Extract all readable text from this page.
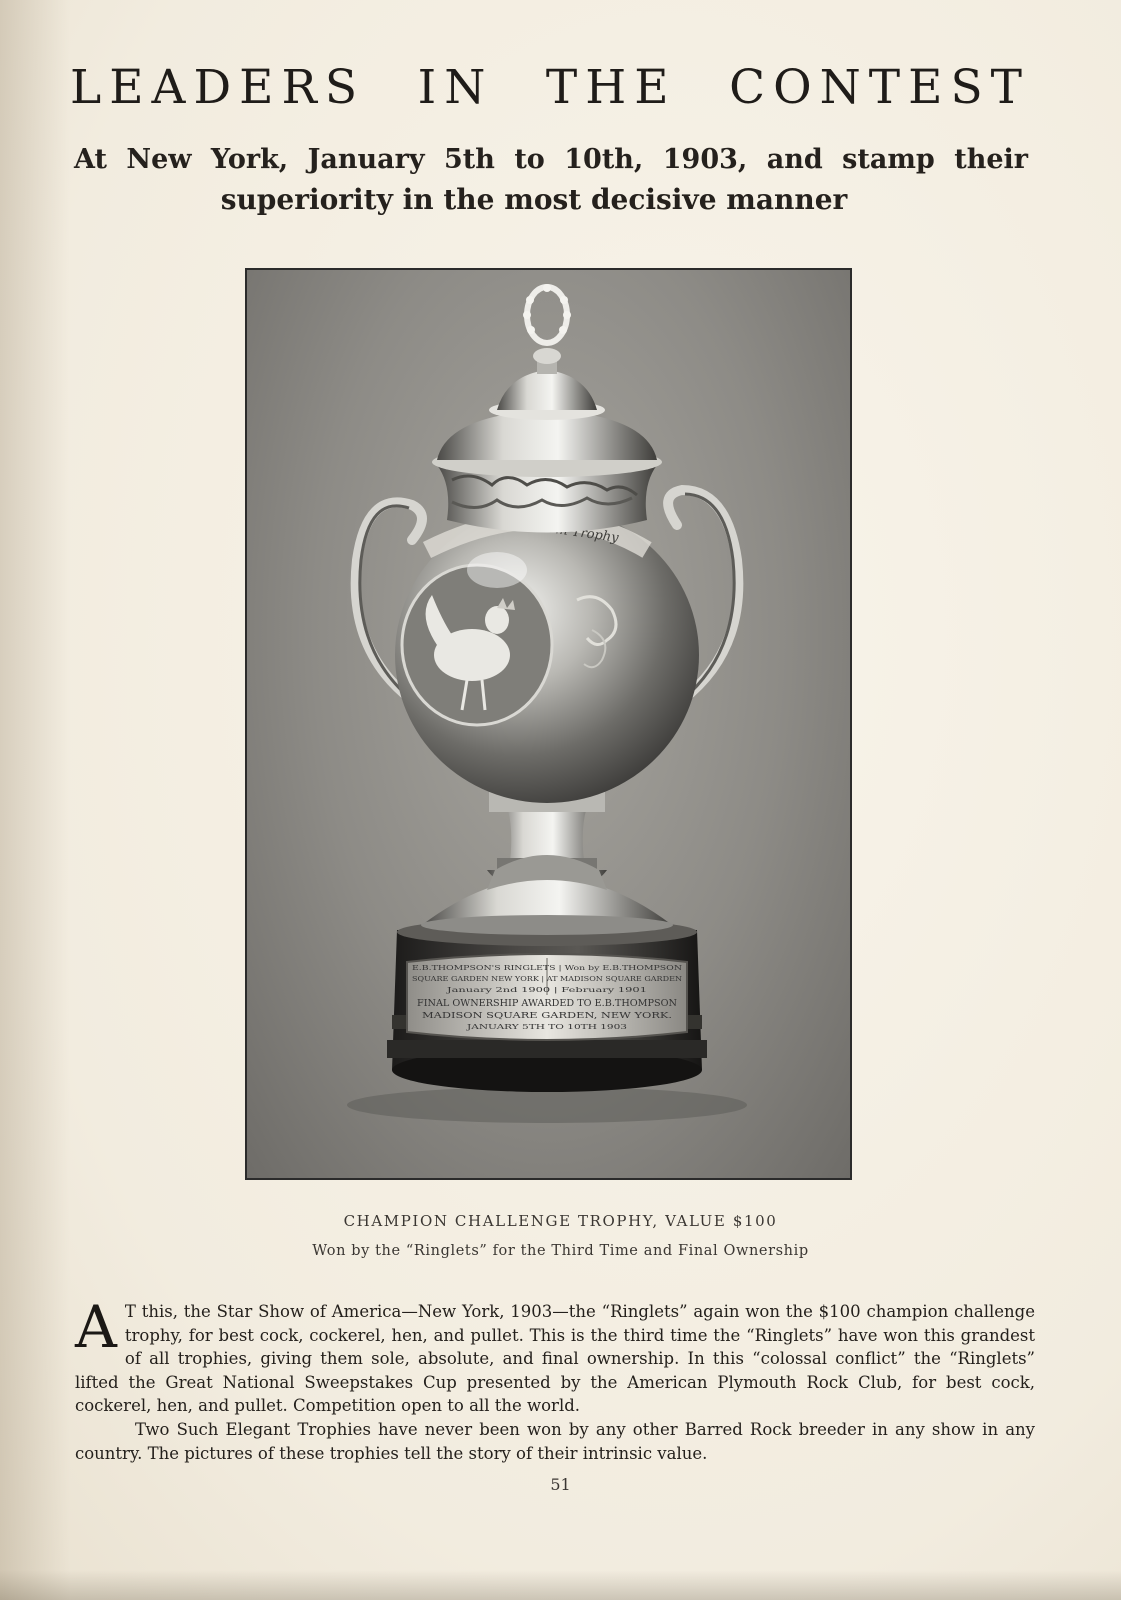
LEADERS IN THE CONTEST
At New York, January 5th to 10th, 1903, and stamp their
superiority in the most decisive manner
E.B.THOMPSON'S RINGLETS | Won by E.B.THOMPSON
SQUARE GARDEN NEW YORK | AT MADISON SQUARE GARDEN
January 2nd 1900 | February 1901
FINAL OWNERSHIP AWARDED TO E.B.THOMPSON
MADISON SQUARE GARDEN, NEW YORK.
JANUARY 5TH TO 10TH 1903

CHAMPION CHALLENGE TROPHY, VALUE $100

Won by the “Ringlets” for the Third Time and Final Ownership

A T this, the Star Show of America—New York, 1903—the “Ringlets” again won the $100 champion challenge trophy, for best cock, cockerel, hen, and pullet. This is the third time the “Ringlets” have won this grandest of all trophies, giving them sole, absolute, and final ownership. In this “colossal conflict” the “Ringlets” lifted the Great National Sweepstakes Cup presented by the American Plymouth Rock Club, for best cock, cockerel, hen, and pullet. Competition open to all the world.

Two Such Elegant Trophies have never been won by any other Barred Rock breeder in any show in any country. The pictures of these trophies tell the story of their intrinsic value.

51
